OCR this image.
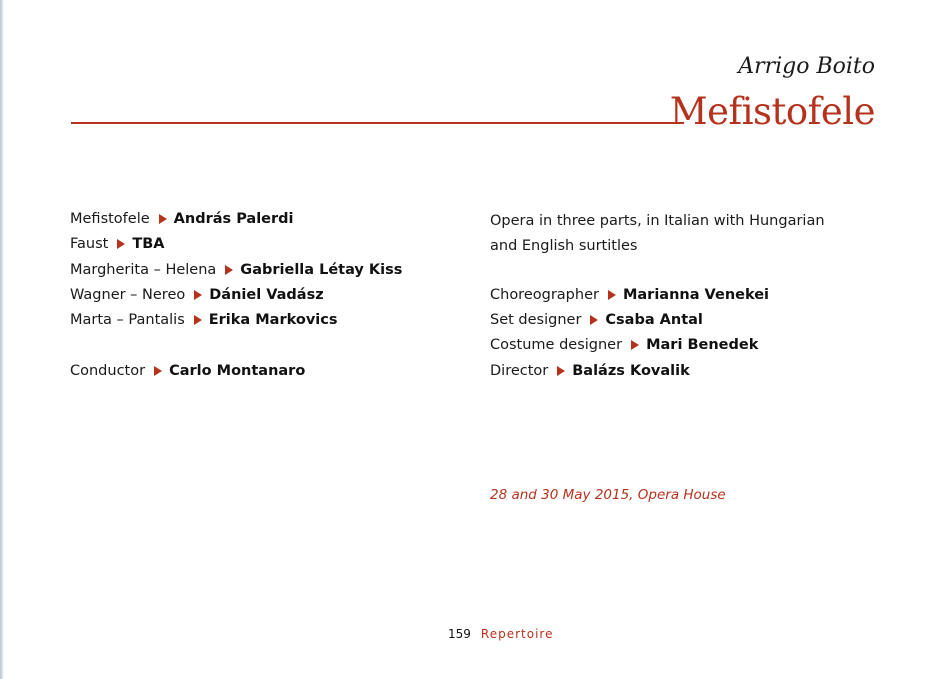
Arrigo Boito
Mefistofele
Mefistofele András Palerdi
Faust TBA
Margherita – Helena Gabriella Létay Kiss
Wagner – Nereo Dániel Vadász
Marta – Pantalis Erika Markovics
Conductor Carlo Montanaro
Opera in three parts, in Italian with Hungarian
and English surtitles
Choreographer Marianna Venekei
Set designer Csaba Antal
Costume designer Mari Benedek
Director Balázs Kovalik
28 and 30 May 2015, Opera House
159 Repertoire
